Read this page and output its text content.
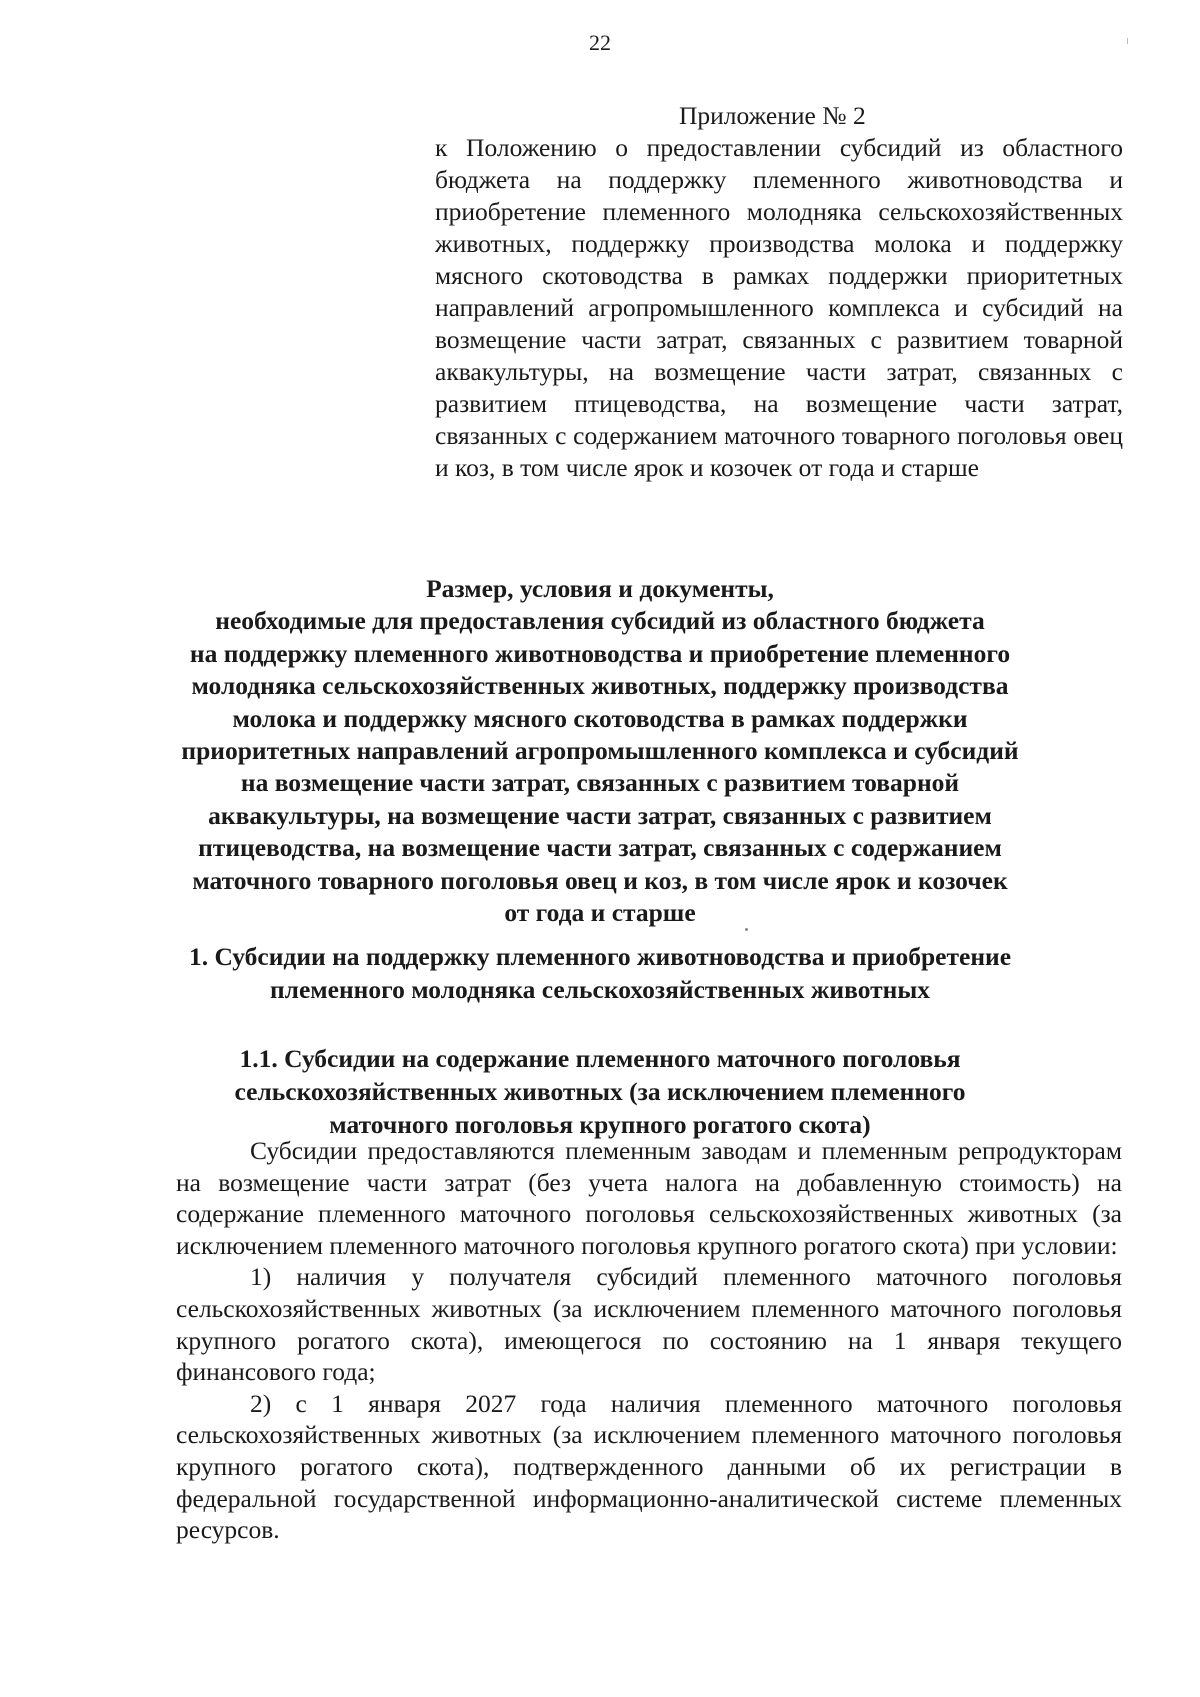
22
Приложение № 2

к Положению о предоставлении субсидий из областного бюджета на поддержку племенного животноводства и приобретение племенного молодняка сельскохозяйственных животных, поддержку производства молока и поддержку мясного скотоводства в рамках поддержки приоритетных направлений агропромышленного комплекса и субсидий на возмещение части затрат, связанных с развитием товарной аквакультуры, на возмещение части затрат, связанных с развитием птицеводства, на возмещение части затрат, связанных с содержанием маточного товарного поголовья овец и коз, в том числе ярок и козочек от года и старше

Размер, условия и документы,
необходимые для предоставления субсидий из областного бюджета
на поддержку племенного животноводства и приобретение племенного
молодняка сельскохозяйственных животных, поддержку производства
молока и поддержку мясного скотоводства в рамках поддержки
приоритетных направлений агропромышленного комплекса и субсидий
на возмещение части затрат, связанных с развитием товарной
аквакультуры, на возмещение части затрат, связанных с развитием
птицеводства, на возмещение части затрат, связанных с содержанием
маточного товарного поголовья овец и коз, в том числе ярок и козочек
от года и старше
1. Субсидии на поддержку племенного животноводства и приобретение
племенного молодняка сельскохозяйственных животных
1.1. Субсидии на содержание племенного маточного поголовья
сельскохозяйственных животных (за исключением племенного
маточного поголовья крупного рогатого скота)

Субсидии предоставляются племенным заводам и племенным репродукторам на возмещение части затрат (без учета налога на добавленную стоимость) на содержание племенного маточного поголовья сельскохозяйственных животных (за исключением племенного маточного поголовья крупного рогатого скота) при условии:

1) наличия у получателя субсидий племенного маточного поголовья сельскохозяйственных животных (за исключением племенного маточного поголовья крупного рогатого скота), имеющегося по состоянию на 1 января текущего финансового года;

2) с 1 января 2027 года наличия племенного маточного поголовья сельскохозяйственных животных (за исключением племенного маточного поголовья крупного рогатого скота), подтвержденного данными об их регистрации в федеральной государственной информационно-аналитической системе племенных ресурсов.
